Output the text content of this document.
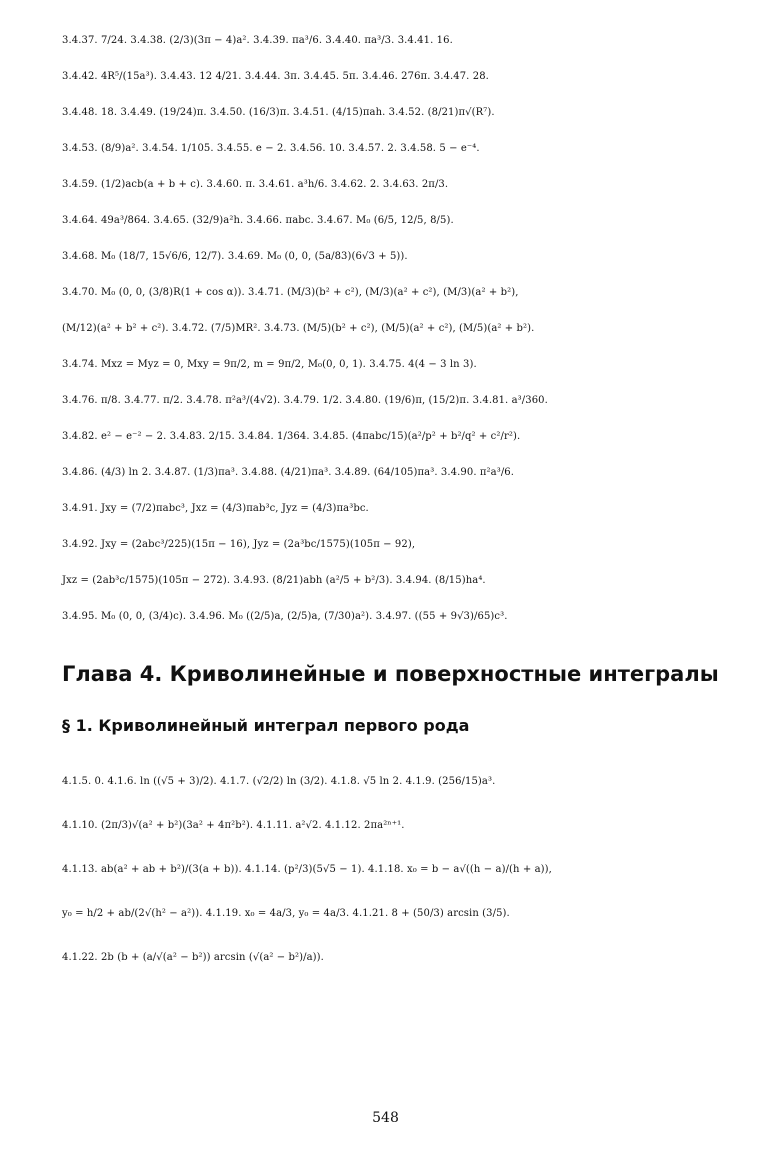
3.4.37. 7/24. 3.4.38. (2/3)(3π − 4)a². 3.4.39. πa³/6. 3.4.40. πa³/3. 3.4.41. 16.
3.4.42. 4R⁵/(15a³). 3.4.43. 12 4/21. 3.4.44. 3π. 3.4.45. 5π. 3.4.46. 276π. 3.4.47. 28.
3.4.48. 18. 3.4.49. (19/24)π. 3.4.50. (16/3)π. 3.4.51. (4/15)πah. 3.4.52. (8/21)π√(R⁷).
3.4.53. (8/9)a². 3.4.54. 1/105. 3.4.55. e − 2. 3.4.56. 10. 3.4.57. 2. 3.4.58. 5 − e⁻⁴.
3.4.59. (1/2)acb(a + b + c). 3.4.60. π. 3.4.61. a³h/6. 3.4.62. 2. 3.4.63. 2π/3.
3.4.64. 49a³/864. 3.4.65. (32/9)a²h. 3.4.66. πabc. 3.4.67. M₀ (6/5, 12/5, 8/5).
3.4.68. M₀ (18/7, 15√6/6, 12/7). 3.4.69. M₀ (0, 0, (5a/83)(6√3 + 5)).
3.4.70. M₀ (0, 0, (3/8)R(1 + cos α)). 3.4.71. (M/3)(b² + c²), (M/3)(a² + c²), (M/3)(a² + b²),
(M/12)(a² + b² + c²). 3.4.72. (7/5)MR². 3.4.73. (M/5)(b² + c²), (M/5)(a² + c²), (M/5)(a² + b²).
3.4.74. Mxz = Myz = 0, Mxy = 9π/2, m = 9π/2, M₀(0, 0, 1). 3.4.75. 4(4 − 3 ln 3).
3.4.76. π/8. 3.4.77. π/2. 3.4.78. π²a³/(4√2). 3.4.79. 1/2. 3.4.80. (19/6)π, (15/2)π. 3.4.81. a³/360.
3.4.82. e² − e⁻² − 2. 3.4.83. 2/15. 3.4.84. 1/364. 3.4.85. (4πabc/15)(a²/p² + b²/q² + c²/r²).
3.4.86. (4/3) ln 2. 3.4.87. (1/3)πa³. 3.4.88. (4/21)πa³. 3.4.89. (64/105)πa³. 3.4.90. π²a³/6.
3.4.91. Jxy = (7/2)πabc³, Jxz = (4/3)πab³c, Jyz = (4/3)πa³bc.
3.4.92. Jxy = (2abc³/225)(15π − 16), Jyz = (2a³bc/1575)(105π − 92),
Jxz = (2ab³c/1575)(105π − 272). 3.4.93. (8/21)abh (a²/5 + b²/3). 3.4.94. (8/15)ha⁴.
3.4.95. M₀ (0, 0, (3/4)c). 3.4.96. M₀ ((2/5)a, (2/5)a, (7/30)a²). 3.4.97. ((55 + 9√3)/65)c³.
Глава 4. Криволинейные и поверхностные интегралы
§ 1. Криволинейный интеграл первого рода
4.1.5. 0. 4.1.6. ln ((√5 + 3)/2). 4.1.7. (√2/2) ln (3/2). 4.1.8. √5 ln 2. 4.1.9. (256/15)a³.
4.1.10. (2π/3)√(a² + b²)(3a² + 4π²b²). 4.1.11. a²√2. 4.1.12. 2πa²ⁿ⁺¹.
4.1.13. ab(a² + ab + b²)/(3(a + b)). 4.1.14. (p²/3)(5√5 − 1). 4.1.18. x₀ = b − a√((h − a)/(h + a)),
y₀ = h/2 + ab/(2√(h² − a²)). 4.1.19. x₀ = 4a/3, y₀ = 4a/3. 4.1.21. 8 + (50/3) arcsin (3/5).
4.1.22. 2b (b + (a/√(a² − b²)) arcsin (√(a² − b²)/a)).
548
